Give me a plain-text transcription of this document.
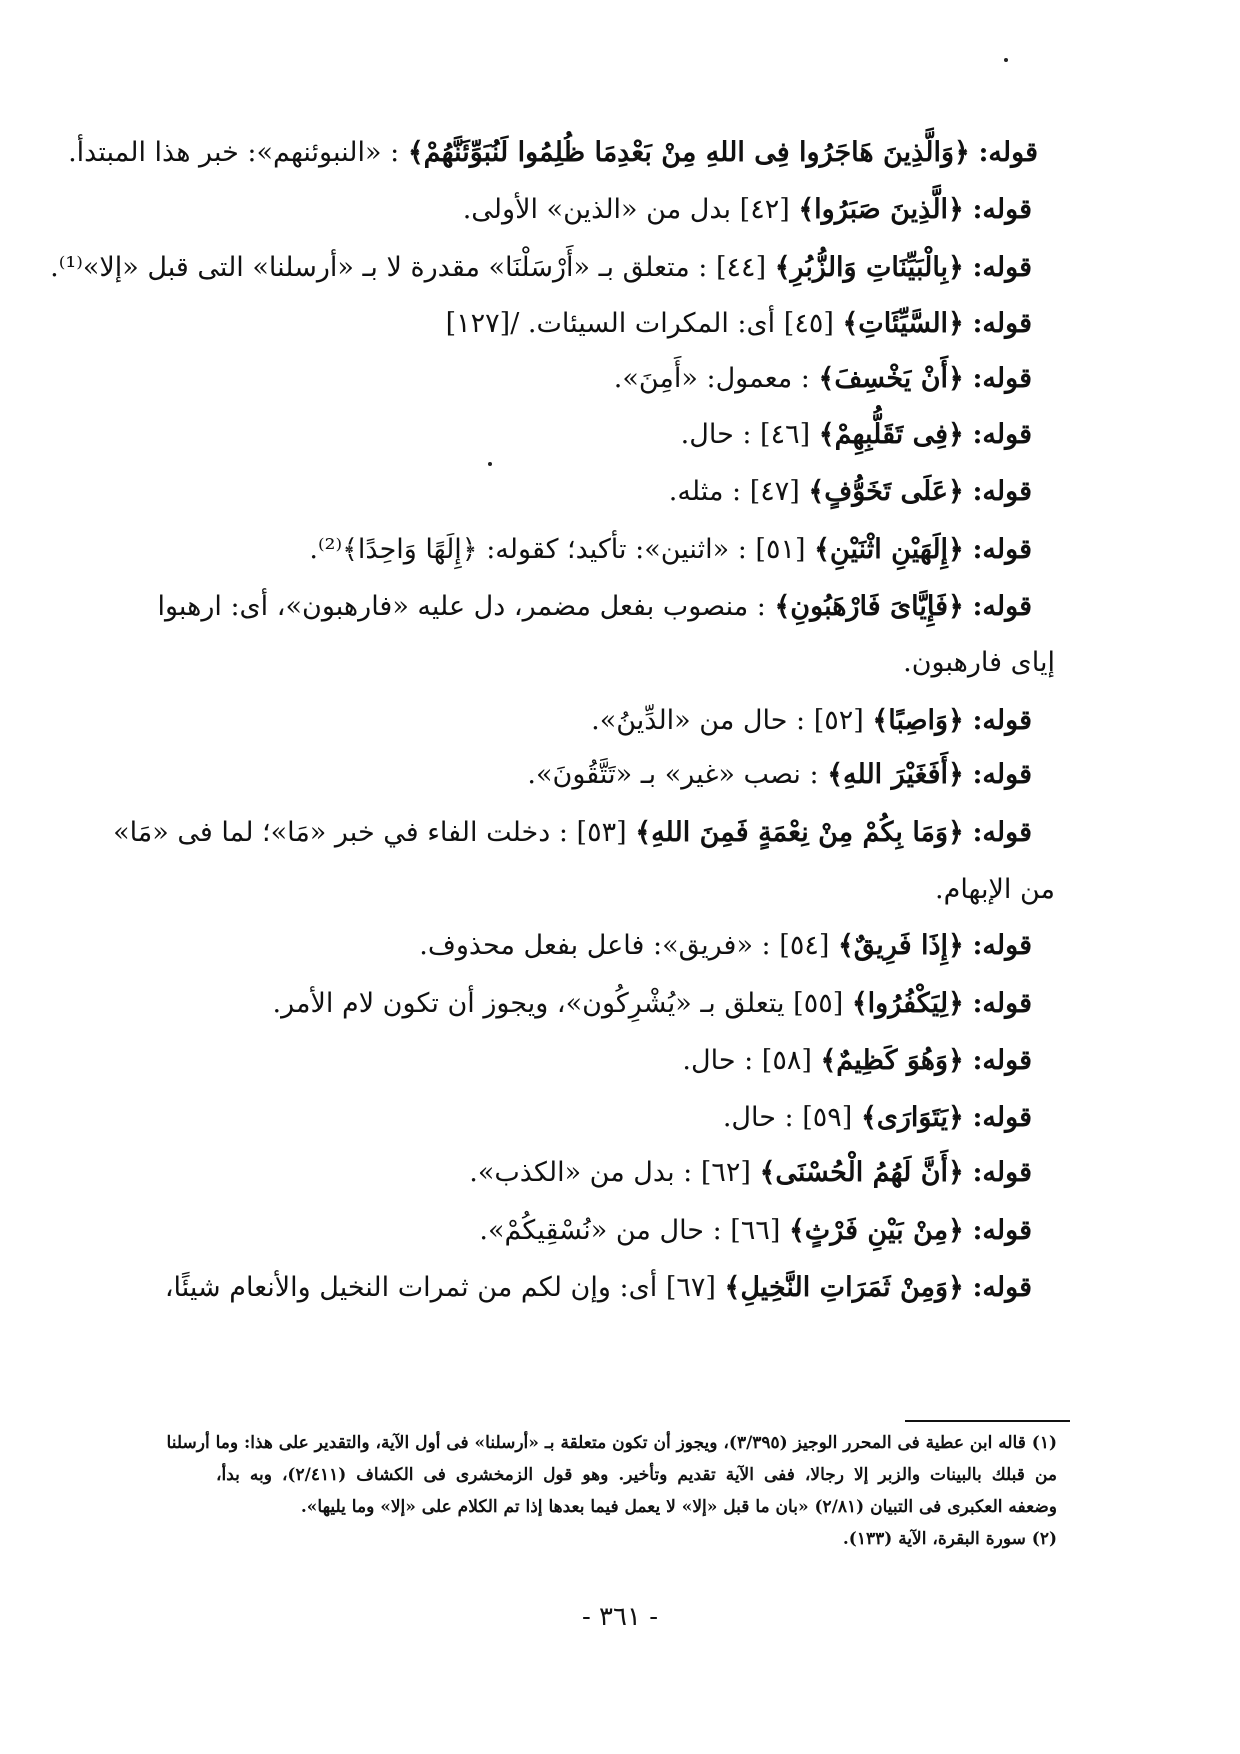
قوله: ﴿وَالَّذِينَ هَاجَرُوا فِى اللهِ مِنْ بَعْدِمَا ظُلِمُوا لَنُبَوِّئَنَّهُمْ﴾ : «النبوئنهم»: خبر هذا المبتدأ.
قوله: ﴿الَّذِينَ صَبَرُوا﴾ [٤٢] بدل من «الذين» الأولى.
قوله: ﴿بِالْبَيِّنَاتِ وَالزُّبُرِ﴾ [٤٤] : متعلق بـ «أَرْسَلْنَا» مقدرة لا بـ «أرسلنا» التى قبل «إلا»⁽¹⁾.
قوله: ﴿السَّيِّئَاتِ﴾ [٤٥] أى: المكرات السيئات. /[١٢٧]
قوله: ﴿أَنْ يَخْسِفَ﴾ : معمول: «أَمِنَ».
قوله: ﴿فِى تَقَلُّبِهِمْ﴾ [٤٦] : حال.
قوله: ﴿عَلَى تَخَوُّفٍ﴾ [٤٧] : مثله.
قوله: ﴿إِلَهَيْنِ اثْنَيْنِ﴾ [٥١] : «اثنين»: تأكيد؛ كقوله: ﴿إِلَهًا وَاحِدًا﴾⁽²⁾.
قوله: ﴿فَإِيَّاىَ فَارْهَبُونِ﴾ : منصوب بفعل مضمر، دل عليه «فارهبون»، أى: ارهبوا
إياى فارهبون.
قوله: ﴿وَاصِبًا﴾ [٥٢] : حال من «الدِّينُ».
قوله: ﴿أَفَغَيْرَ اللهِ﴾ : نصب «غير» بـ «تَتَّقُونَ».
قوله: ﴿وَمَا بِكُمْ مِنْ نِعْمَةٍ فَمِنَ اللهِ﴾ [٥٣] : دخلت الفاء في خبر «مَا»؛ لما فى «مَا»
من الإبهام.
قوله: ﴿إِذَا فَرِيقٌ﴾ [٥٤] : «فريق»: فاعل بفعل محذوف.
قوله: ﴿لِيَكْفُرُوا﴾ [٥٥] يتعلق بـ «يُشْرِكُون»، ويجوز أن تكون لام الأمر.
قوله: ﴿وَهُوَ كَظِيمٌ﴾ [٥٨] : حال.
قوله: ﴿يَتَوَارَى﴾ [٥٩] : حال.
قوله: ﴿أَنَّ لَهُمُ الْحُسْنَى﴾ [٦٢] : بدل من «الكذب».
قوله: ﴿مِنْ بَيْنِ فَرْثٍ﴾ [٦٦] : حال من «نُسْقِيكُمْ».
قوله: ﴿وَمِنْ ثَمَرَاتِ النَّخِيلِ﴾ [٦٧] أى: وإن لكم من ثمرات النخيل والأنعام شيئًا،
(١) قاله ابن عطية فى المحرر الوجيز (٣/٣٩٥)، ويجوز أن تكون متعلقة بـ «أرسلنا» فى أول الآية، والتقدير على هذا: وما أرسلنا
من قبلك بالبينات والزبر إلا رجالا، ففى الآية تقديم وتأخير. وهو قول الزمخشرى فى الكشاف (٢/٤١١)، وبه بدأ،
وضعفه العكبرى فى التبيان (٢/٨١) «بان ما قبل «إلا» لا يعمل فيما بعدها إذا تم الكلام على «إلا» وما يليها».
(٢) سورة البقرة، الآية (١٣٣).
- ٣٦١ -
